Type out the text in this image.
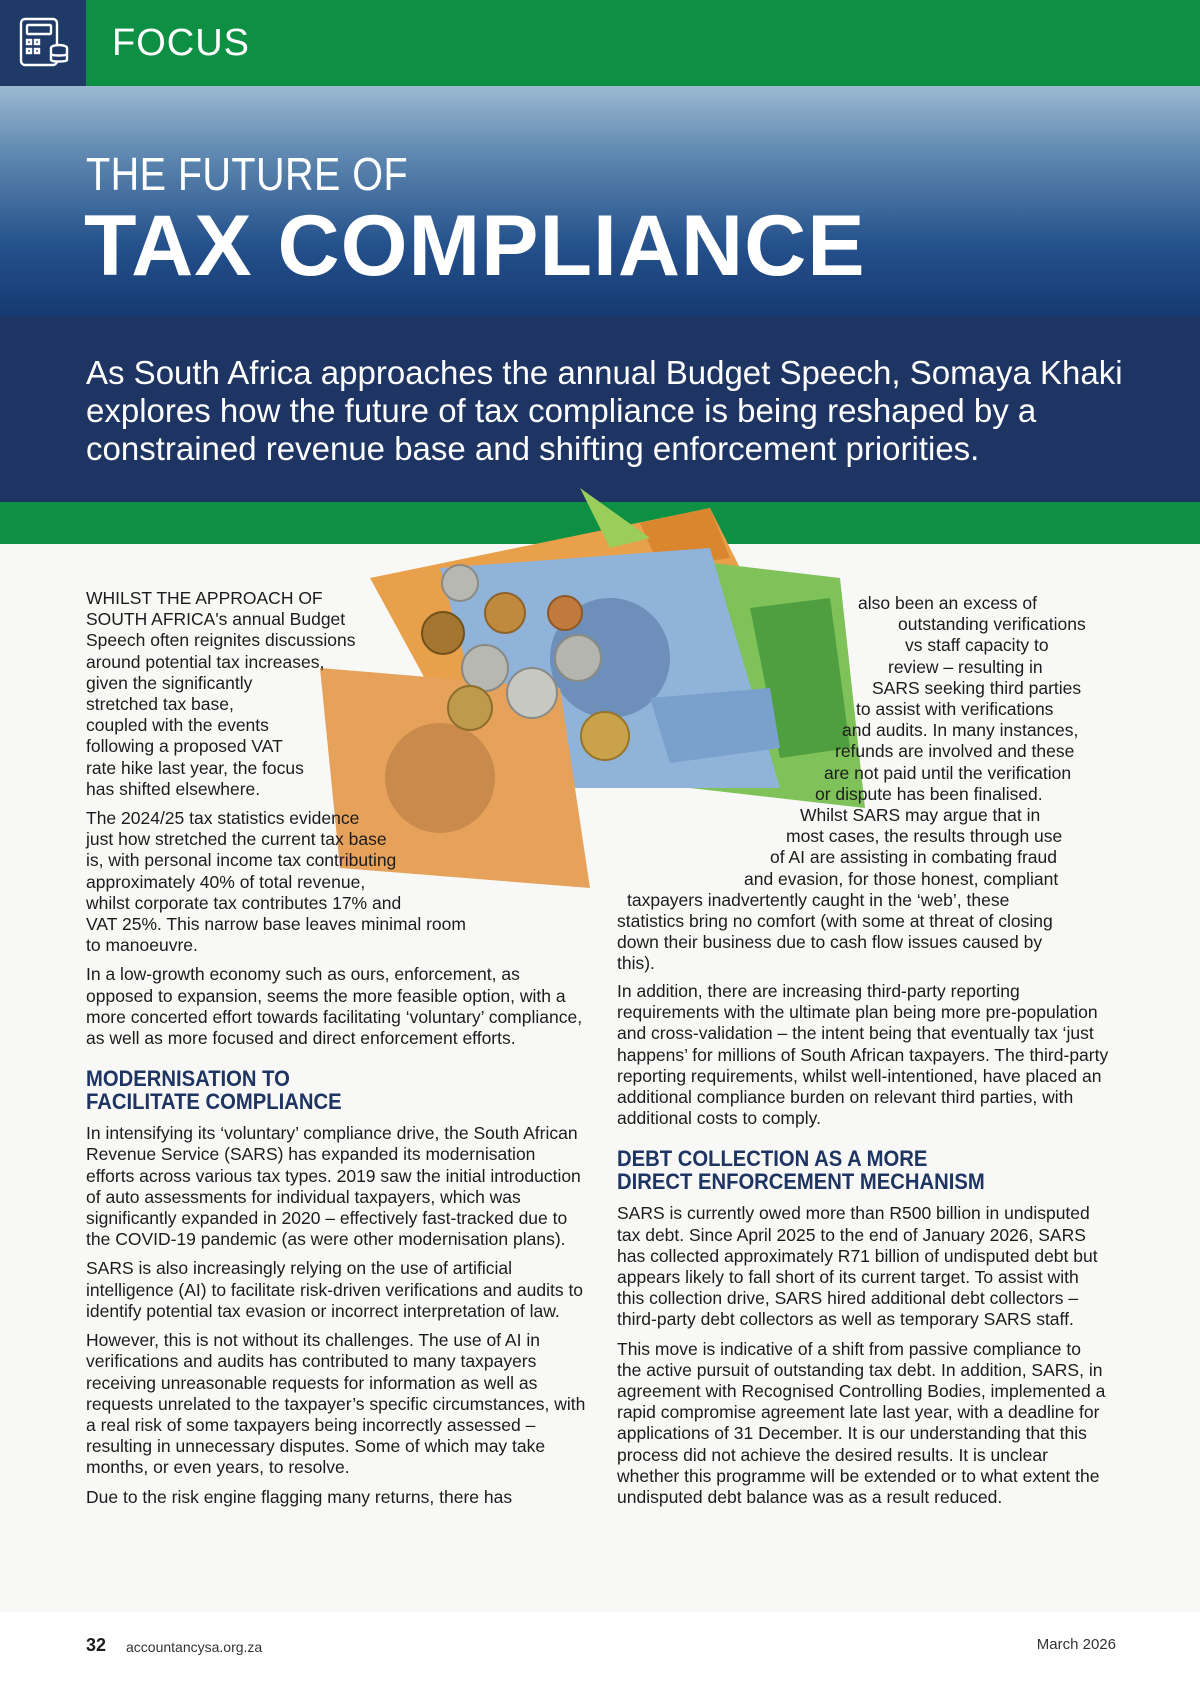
FOCUS
THE FUTURE OF
TAX COMPLIANCE
As South Africa approaches the annual Budget Speech, Somaya Khaki explores how the future of tax compliance is being reshaped by a constrained revenue base and shifting enforcement priorities.

WHILST THE APPROACH OF
SOUTH AFRICA's annual Budget
Speech often reignites discussions
around potential tax increases,
given the significantly
stretched tax base,
coupled with the events
following a proposed VAT
rate hike last year, the focus
has shifted elsewhere.

The 2024/25 tax statistics evidence
just how stretched the current tax base
is, with personal income tax contributing
approximately 40% of total revenue,
whilst corporate tax contributes 17% and
VAT 25%. This narrow base leaves minimal room
to manoeuvre.

In a low-growth economy such as ours, enforcement, as opposed to expansion, seems the more feasible option, with a more concerted effort towards facilitating ‘voluntary’ compliance, as well as more focused and direct enforcement efforts.

MODERNISATION TO
FACILITATE COMPLIANCE

In intensifying its ‘voluntary’ compliance drive, the South African Revenue Service (SARS) has expanded its modernisation efforts across various tax types. 2019 saw the initial introduction of auto assessments for individual taxpayers, which was significantly expanded in 2020 – effectively fast-tracked due to the COVID-19 pandemic (as were other modernisation plans).

SARS is also increasingly relying on the use of artificial intelligence (AI) to facilitate risk-driven verifications and audits to identify potential tax evasion or incorrect interpretation of law.

However, this is not without its challenges. The use of AI in verifications and audits has contributed to many taxpayers receiving unreasonable requests for information as well as requests unrelated to the taxpayer’s specific circumstances, with a real risk of some taxpayers being incorrectly assessed – resulting in unnecessary disputes. Some of which may take months, or even years, to resolve.

Due to the risk engine flagging many returns, there has

also been an excess of
outstanding verifications
vs staff capacity to
review – resulting in
SARS seeking third parties
to assist with verifications
and audits. In many instances,
refunds are involved and these
are not paid until the verification
or dispute has been finalised.
Whilst SARS may argue that in
most cases, the results through use
of AI are assisting in combating fraud
and evasion, for those honest, compliant
taxpayers inadvertently caught in the ‘web’, these
statistics bring no comfort (with some at threat of closing
down their business due to cash flow issues caused by
this).

In addition, there are increasing third-party reporting requirements with the ultimate plan being more pre-population and cross-validation – the intent being that eventually tax ‘just happens’ for millions of South African taxpayers. The third-party reporting requirements, whilst well-intentioned, have placed an additional compliance burden on relevant third parties, with additional costs to comply.

DEBT COLLECTION AS A MORE
DIRECT ENFORCEMENT MECHANISM

SARS is currently owed more than R500 billion in undisputed tax debt. Since April 2025 to the end of January 2026, SARS has collected approximately R71 billion of undisputed debt but appears likely to fall short of its current target. To assist with this collection drive, SARS hired additional debt collectors – third-party debt collectors as well as temporary SARS staff.

This move is indicative of a shift from passive compliance to the active pursuit of outstanding tax debt. In addition, SARS, in agreement with Recognised Controlling Bodies, implemented a rapid compromise agreement late last year, with a deadline for applications of 31 December. It is our understanding that this process did not achieve the desired results. It is unclear whether this programme will be extended or to what extent the undisputed debt balance was as a result reduced.

32 accountancysa.org.za	March 2026
